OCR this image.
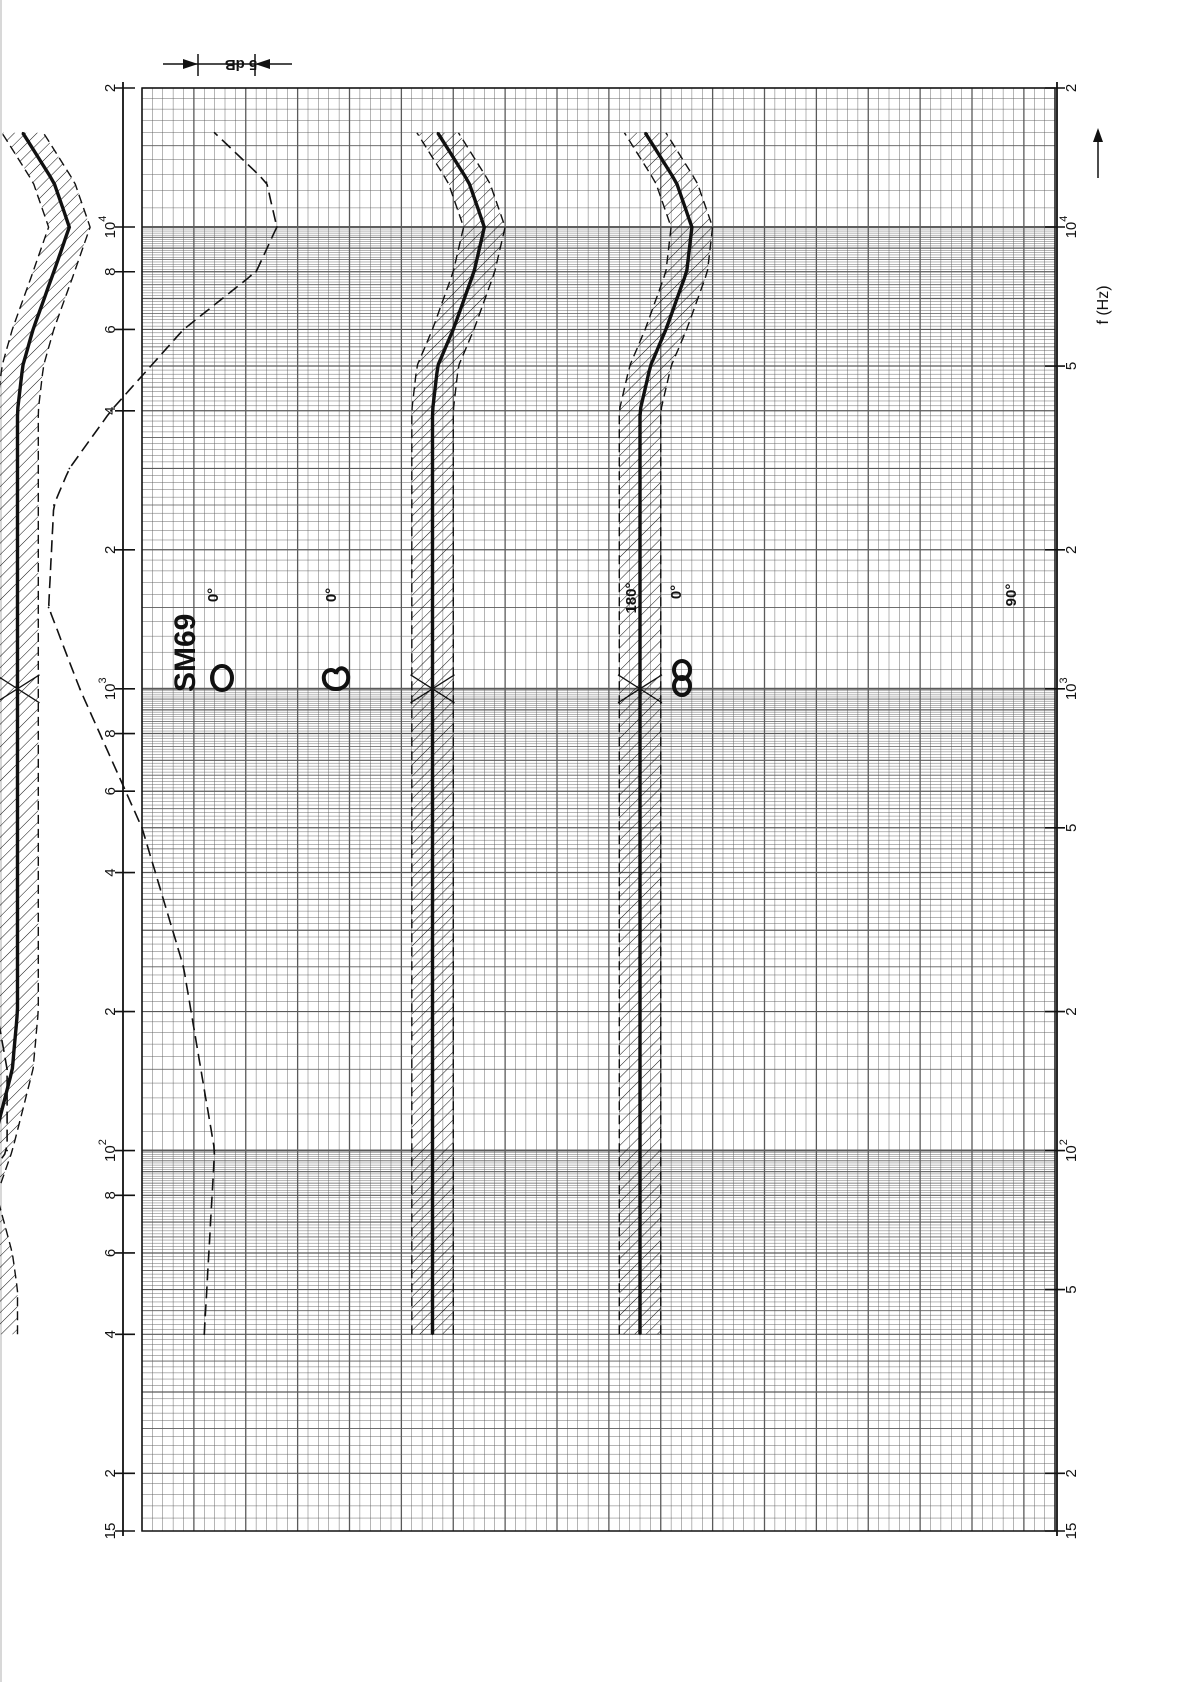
15	15
2	2
4
5
6
8
$10^2$
$10^2$
2	2
4
5
6
8
$10^3$
$10^3$
2	2
4
5
6
8
$10^4$
$10^4$
2	2
SM69
f (Hz)
5 dB
0°	0°	180° 0°	90°
